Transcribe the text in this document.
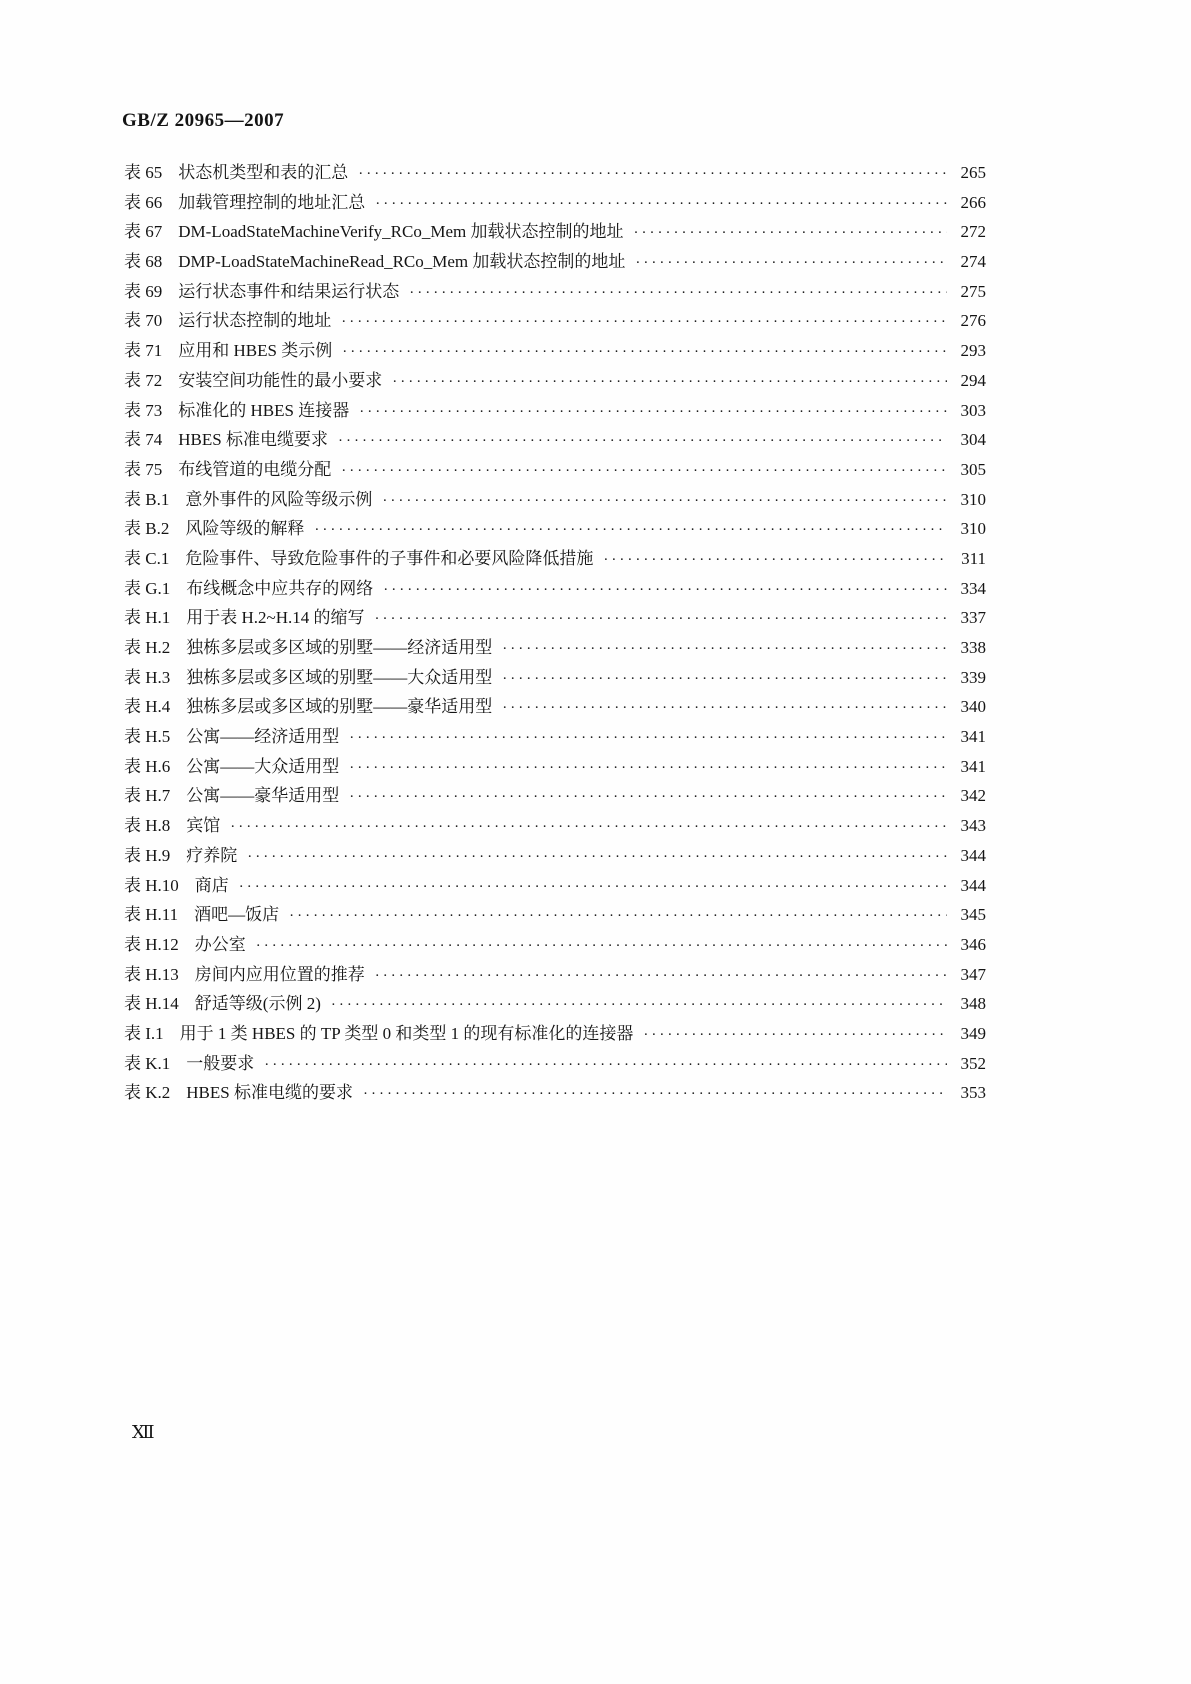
GB/Z 20965—2007
表 65 状态机类型和表的汇总 ·····	265
表 66 加载管理控制的地址汇总 ·····	266
表 67 DM-LoadStateMachineVerify_RCo_Mem 加载状态控制的地址 ·····	272
表 68 DMP-LoadStateMachineRead_RCo_Mem 加载状态控制的地址 ·····	274
表 69 运行状态事件和结果运行状态 ·····	275
表 70 运行状态控制的地址 ·····	276
表 71 应用和 HBES 类示例 ·····	293
表 72 安装空间功能性的最小要求 ·····	294
表 73 标准化的 HBES 连接器 ·····	303
表 74 HBES 标准电缆要求 ·····	304
表 75 布线管道的电缆分配 ·····	305
表 B.1 意外事件的风险等级示例 ·····	310
表 B.2 风险等级的解释 ·····	310
表 C.1 危险事件、导致危险事件的子事件和必要风险降低措施 ·····	311
表 G.1 布线概念中应共存的网络 ·····	334
表 H.1 用于表 H.2~H.14 的缩写 ·····	337
表 H.2 独栋多层或多区域的别墅——经济适用型 ·····	338
表 H.3 独栋多层或多区域的别墅——大众适用型 ·····	339
表 H.4 独栋多层或多区域的别墅——豪华适用型 ·····	340
表 H.5 公寓——经济适用型 ·····	341
表 H.6 公寓——大众适用型 ·····	341
表 H.7 公寓——豪华适用型 ·····	342
表 H.8 宾馆 ·····	343
表 H.9 疗养院 ·····	344
表 H.10 商店 ·····	344
表 H.11 酒吧—饭店 ·····	345
表 H.12 办公室 ·····	346
表 H.13 房间内应用位置的推荐 ·····	347
表 H.14 舒适等级(示例 2) ·····	348
表 I.1 用于 1 类 HBES 的 TP 类型 0 和类型 1 的现有标准化的连接器 ·····	349
表 K.1 一般要求 ·····	352
表 K.2 HBES 标准电缆的要求 ·····	353
Ⅻ
